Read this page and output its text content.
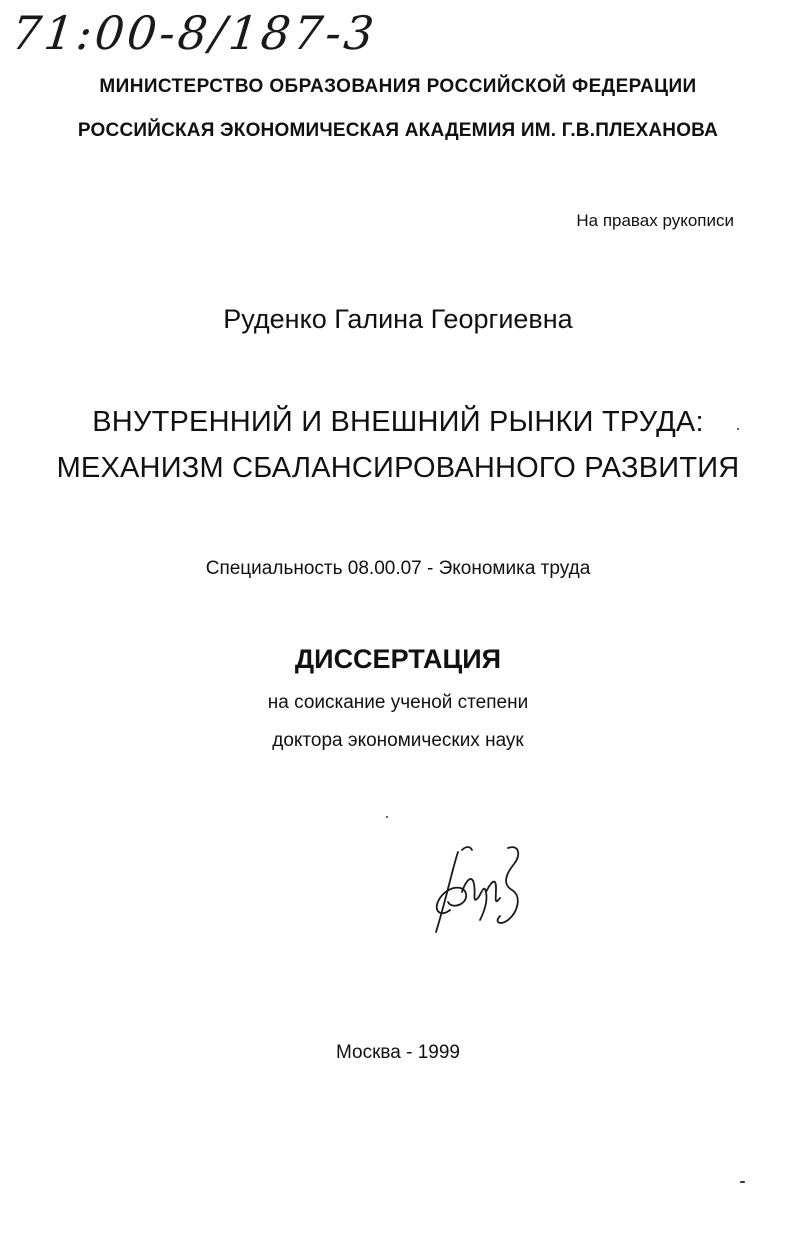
71:00-8/187-3
МИНИСТЕРСТВО ОБРАЗОВАНИЯ РОССИЙСКОЙ ФЕДЕРАЦИИ
РОССИЙСКАЯ ЭКОНОМИЧЕСКАЯ АКАДЕМИЯ ИМ. Г.В.ПЛЕХАНОВА
На правах рукописи
Руденко Галина Георгиевна
ВНУТРЕННИЙ И ВНЕШНИЙ РЫНКИ ТРУДА:
МЕХАНИЗМ СБАЛАНСИРОВАННОГО РАЗВИТИЯ
Специальность 08.00.07 - Экономика труда
ДИССЕРТАЦИЯ
на соискание ученой степени
доктора экономических наук
Москва - 1999
